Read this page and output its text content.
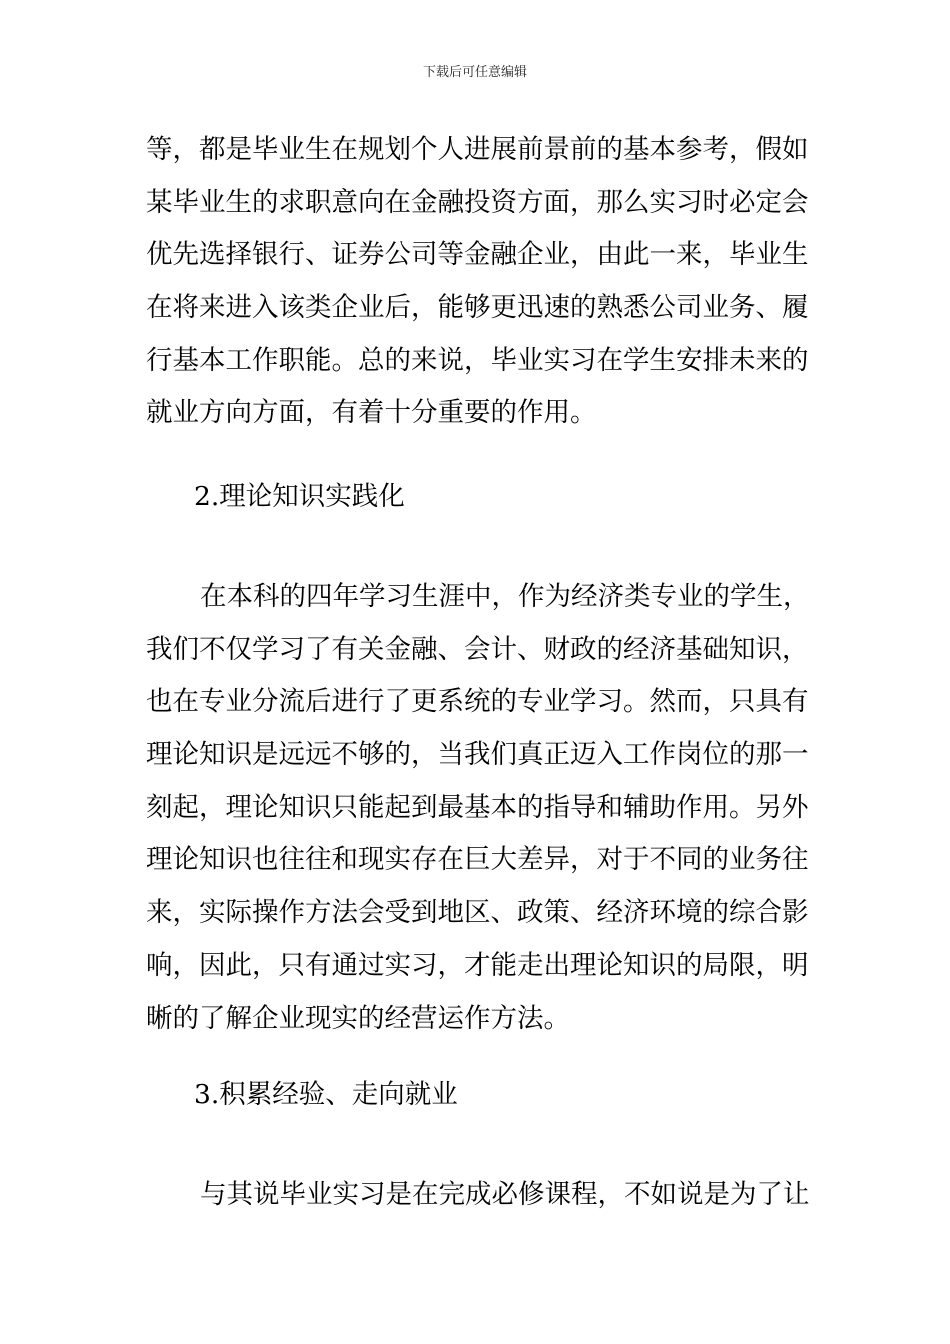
下载后可任意编辑
等，都是毕业生在规划个人进展前景前的基本参考，假如
某毕业生的求职意向在金融投资方面，那么实习时必定会
优先选择银行、证券公司等金融企业，由此一来，毕业生
在将来进入该类企业后，能够更迅速的熟悉公司业务、履
行基本工作职能。总的来说，毕业实习在学生安排未来的
就业方向方面，有着十分重要的作用。
2.理论知识实践化
在本科的四年学习生涯中，作为经济类专业的学生，
我们不仅学习了有关金融、会计、财政的经济基础知识，
也在专业分流后进行了更系统的专业学习。然而，只具有
理论知识是远远不够的，当我们真正迈入工作岗位的那一
刻起，理论知识只能起到最基本的指导和辅助作用。另外
理论知识也往往和现实存在巨大差异，对于不同的业务往
来，实际操作方法会受到地区、政策、经济环境的综合影
响，因此，只有通过实习，才能走出理论知识的局限，明
晰的了解企业现实的经营运作方法。
3.积累经验、走向就业
与其说毕业实习是在完成必修课程，不如说是为了让
